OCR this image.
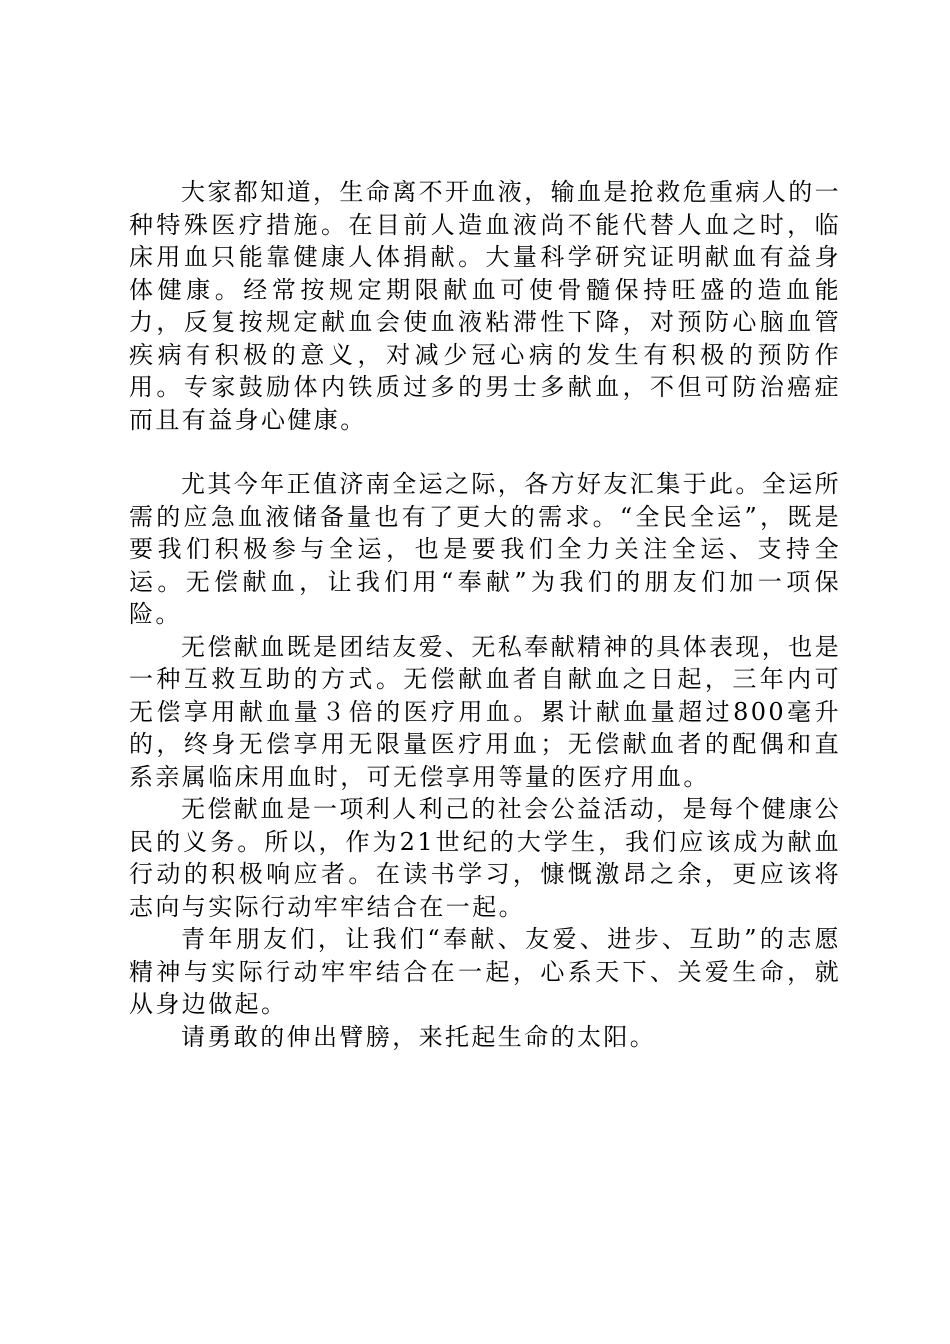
大家都知道，生命离不开血液，输血是抢救危重病人的一种特殊医疗措施。在目前人造血液尚不能代替人血之时，临床用血只能靠健康人体捐献。大量科学研究证明献血有益身体健康。经常按规定期限献血可使骨髓保持旺盛的造血能力，反复按规定献血会使血液粘滞性下降，对预防心脑血管疾病有积极的意义，对减少冠心病的发生有积极的预防作用。专家鼓励体内铁质过多的男士多献血，不但可防治癌症而且有益身心健康。

尤其今年正值济南全运之际，各方好友汇集于此。全运所需的应急血液储备量也有了更大的需求。“全民全运”，既是要我们积极参与全运，也是要我们全力关注全运、支持全运。无偿献血，让我们用“奉献”为我们的朋友们加一项保险。

无偿献血既是团结友爱、无私奉献精神的具体表现，也是一种互救互助的方式。无偿献血者自献血之日起，三年内可无偿享用献血量３倍的医疗用血。累计献血量超过800毫升的，终身无偿享用无限量医疗用血；无偿献血者的配偶和直系亲属临床用血时，可无偿享用等量的医疗用血。

无偿献血是一项利人利己的社会公益活动，是每个健康公民的义务。所以，作为21世纪的大学生，我们应该成为献血行动的积极响应者。在读书学习，慷慨激昂之余，更应该将志向与实际行动牢牢结合在一起。

青年朋友们，让我们“奉献、友爱、进步、互助”的志愿精神与实际行动牢牢结合在一起，心系天下、关爱生命，就从身边做起。

请勇敢的伸出臂膀，来托起生命的太阳。
